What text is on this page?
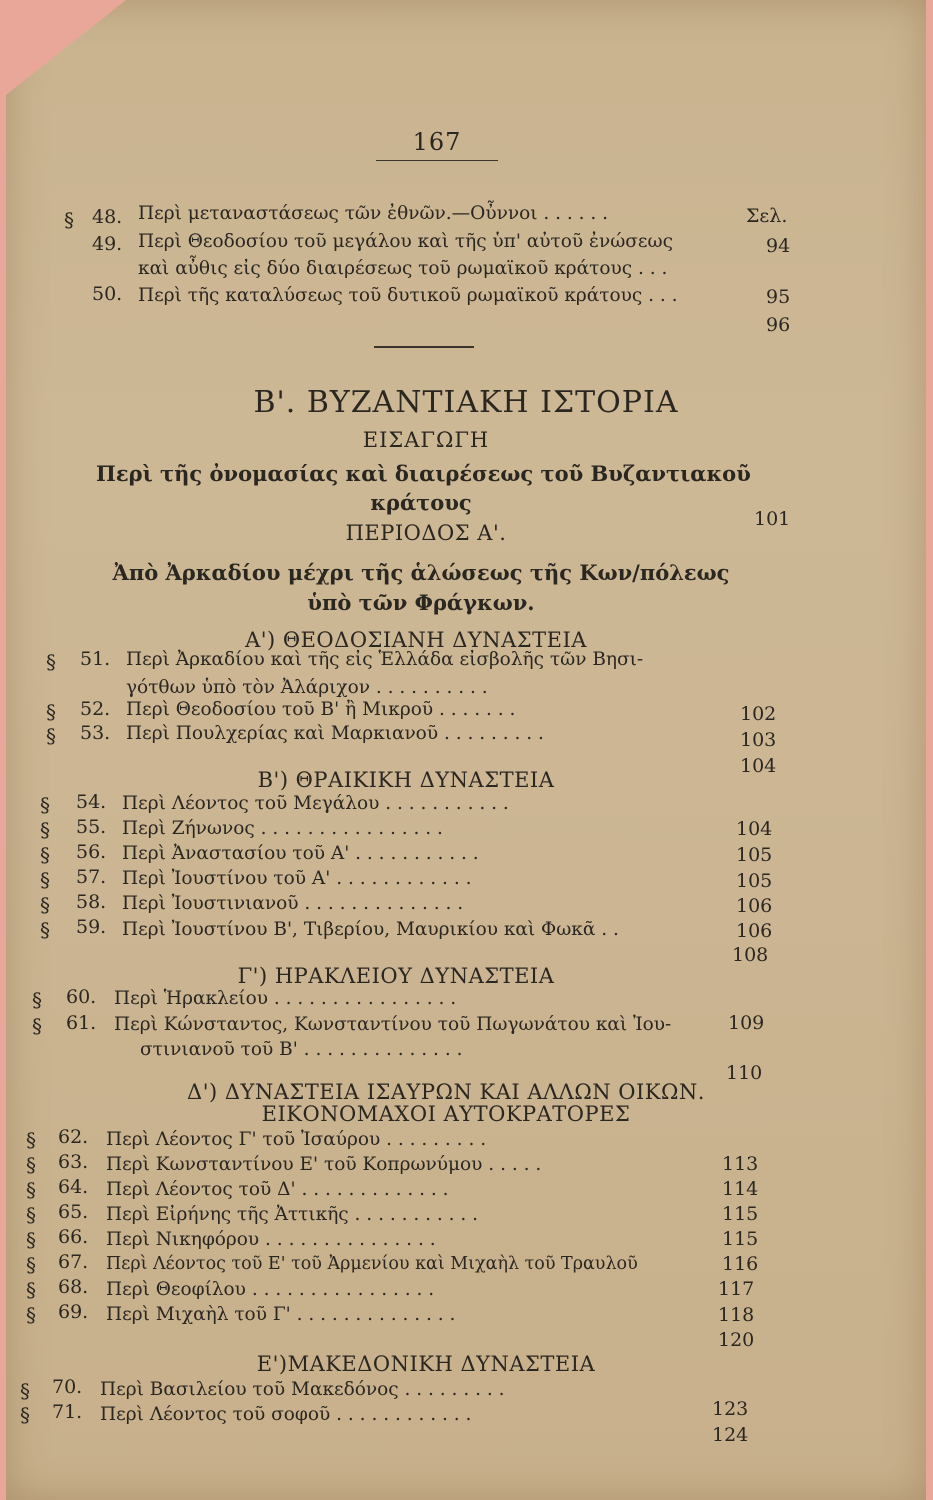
167
§ 48. Περὶ μεταναστάσεως τῶν ἐθνῶν.—Οὖννοι . . . . . .	Σελ.
49. Περὶ Θεοδοσίου τοῦ μεγάλου καὶ τῆς ὑπ' αὐτοῦ ἐνώσεως	94
καὶ αὖθις εἰς δύο διαιρέσεως τοῦ ρωμαϊκοῦ κράτους . . .
95
50. Περὶ τῆς καταλύσεως τοῦ δυτικοῦ ρωμαϊκοῦ κράτους . . .
96
Β'. ΒΥΖΑΝΤΙΑΚΗ ΙΣΤΟΡΙΑ
ΕΙΣΑΓΩΓΗ
Περὶ τῆς ὀνομασίας καὶ διαιρέσεως τοῦ Βυζαντιακοῦ
κράτους
101
ΠΕΡΙΟΔΟΣ Α'.
Ἀπὸ Ἀρκαδίου μέχρι τῆς ἁλώσεως τῆς Κων/πόλεως
ὑπὸ τῶν Φράγκων.
Α') ΘΕΟΔΟΣΙΑΝΗ ΔΥΝΑΣΤΕΙΑ
§ 51. Περὶ Ἀρκαδίου καὶ τῆς εἰς Ἑλλάδα εἰσβολῆς τῶν Βησι-
γότθων ὑπὸ τὸν Ἀλάριχον . . . . . . . . . .
102
§ 52. Περὶ Θεοδοσίου τοῦ Β' ἢ Μικροῦ . . . . . . .
103
§ 53. Περὶ Πουλχερίας καὶ Μαρκιανοῦ . . . . . . . . .
104
Β') ΘΡΑΙΚΙΚΗ ΔΥΝΑΣΤΕΙΑ
§ 54. Περὶ Λέοντος τοῦ Μεγάλου . . . . . . . . . . .
104
§ 55. Περὶ Ζήνωνος . . . . . . . . . . . . . . . .
105
§ 56. Περὶ Ἀναστασίου τοῦ Α' . . . . . . . . . . .
105
§ 57. Περὶ Ἰουστίνου τοῦ Α' . . . . . . . . . . . .
106
§ 58. Περὶ Ἰουστινιανοῦ . . . . . . . . . . . . . .
106
§ 59. Περὶ Ἰουστίνου Β', Τιβερίου, Μαυρικίου καὶ Φωκᾶ . .
108
Γ') ΗΡΑΚΛΕΙΟΥ ΔΥΝΑΣΤΕΙΑ
§ 60. Περὶ Ἡρακλείου . . . . . . . . . . . . . . . .
109
§ 61. Περὶ Κώνσταντος, Κωνσταντίνου τοῦ Πωγωνάτου καὶ Ἰου-
στινιανοῦ τοῦ Β' . . . . . . . . . . . . . .
110
Δ') ΔΥΝΑΣΤΕΙΑ ΙΣΑΥΡΩΝ ΚΑΙ ΑΛΛΩΝ ΟΙΚΩΝ.
ΕΙΚΟΝΟΜΑΧΟΙ ΑΥΤΟΚΡΑΤΟΡΕΣ
§ 62. Περὶ Λέοντος Γ' τοῦ Ἰσαύρου . . . . . . . . .
113
§ 63. Περὶ Κωνσταντίνου Ε' τοῦ Κοπρωνύμου . . . . .
114
§ 64. Περὶ Λέοντος τοῦ Δ' . . . . . . . . . . . . .
115
§ 65. Περὶ Εἰρήνης τῆς Ἀττικῆς . . . . . . . . . . .
115
§ 66. Περὶ Νικηφόρου . . . . . . . . . . . . . . .
116
§ 67. Περὶ Λέοντος τοῦ Ε' τοῦ Ἀρμενίου καὶ Μιχαὴλ τοῦ Τραυλοῦ
117
§ 68. Περὶ Θεοφίλου . . . . . . . . . . . . . . . .
118
§ 69. Περὶ Μιχαὴλ τοῦ Γ' . . . . . . . . . . . . . .
120
Ε')ΜΑΚΕΔΟΝΙΚΗ ΔΥΝΑΣΤΕΙΑ
§ 70. Περὶ Βασιλείου τοῦ Μακεδόνος . . . . . . . . .
123
§ 71. Περὶ Λέοντος τοῦ σοφοῦ . . . . . . . . . . . .
124
